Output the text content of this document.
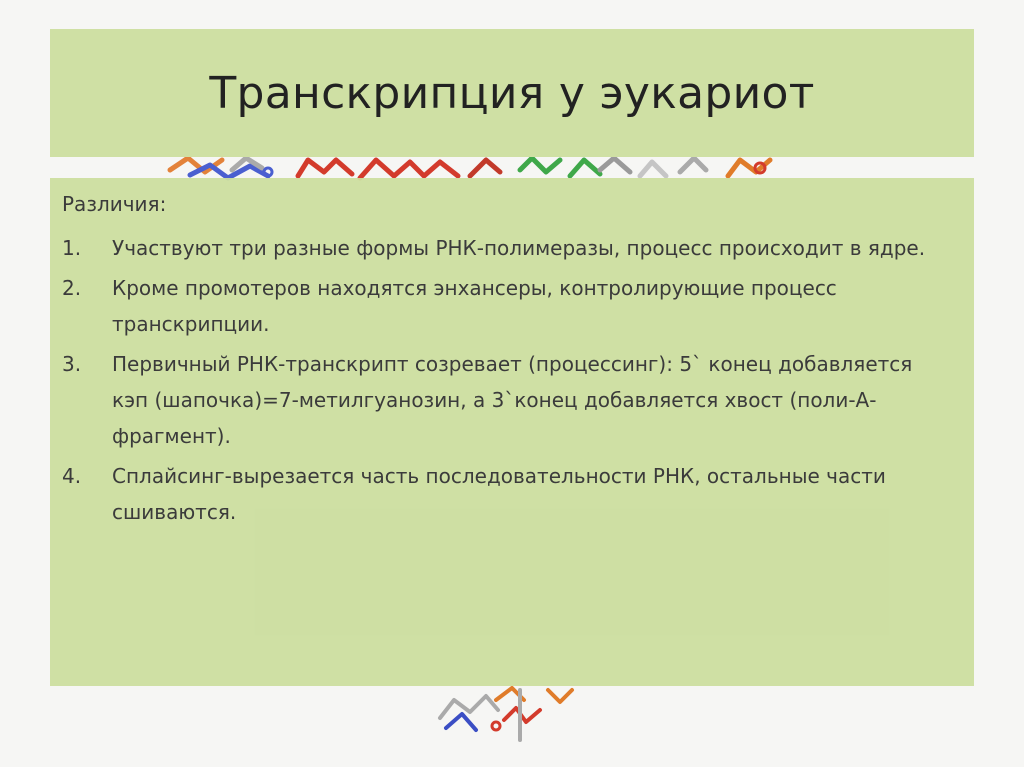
Транскрипция у эукариот

Различия:

1.	Участвуют три разные формы РНК-полимеразы, процесс происходит в ядре.
2.	Кроме промотеров находятся энхансеры, контролирующие процесс транскрипции.
3.	Первичный РНК-транскрипт созревает (процессинг): 5` конец добавляется кэп (шапочка)=7-метилгуанозин, а 3`конец добавляется хвост (поли-А-фрагмент).
4.	Сплайсинг-вырезается часть последовательности РНК, остальные части сшиваются.
